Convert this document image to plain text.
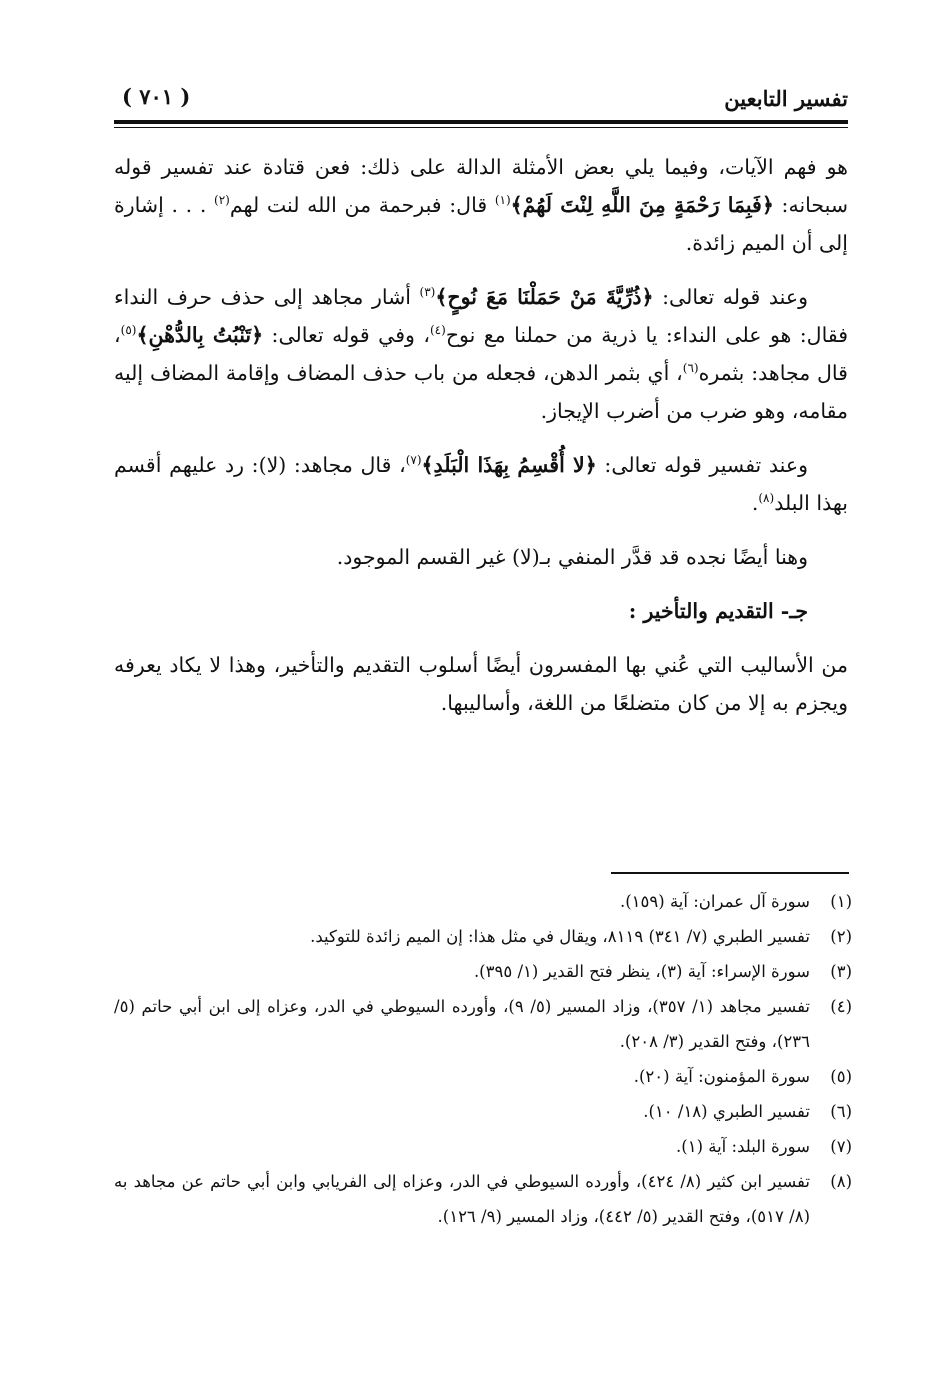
تفسير التابعين
( ٧٠١ )

هو فهم الآيات، وفيما يلي بعض الأمثلة الدالة على ذلك: فعن قتادة عند تفسير قوله سبحانه: ﴿فَبِمَا رَحْمَةٍ مِنَ اللَّهِ لِنْتَ لَهُمْ﴾$^{(١)}$ قال: فبرحمة من الله لنت لهم$^{(٢)}$ . . . إشارة إلى أن الميم زائدة.

وعند قوله تعالى: ﴿ذُرِّيَّةَ مَنْ حَمَلْنَا مَعَ نُوحٍ﴾$^{(٣)}$ أشار مجاهد إلى حذف حرف النداء فقال: هو على النداء: يا ذرية من حملنا مع نوح$^{(٤)}$، وفي قوله تعالى: ﴿تَنْبُتُ بِالدُّهْنِ﴾$^{(٥)}$، قال مجاهد: بثمره$^{(٦)}$، أي بثمر الدهن، فجعله من باب حذف المضاف وإقامة المضاف إليه مقامه، وهو ضرب من أضرب الإيجاز.

وعند تفسير قوله تعالى: ﴿لا أُقْسِمُ بِهَذَا الْبَلَدِ﴾$^{(٧)}$، قال مجاهد: (لا): رد عليهم أقسم بهذا البلد$^{(٨)}$.

وهنا أيضًا نجده قد قدَّر المنفي بـ(لا) غير القسم الموجود.

جـ- التقديم والتأخير :

من الأساليب التي عُني بها المفسرون أيضًا أسلوب التقديم والتأخير، وهذا لا يكاد يعرفه ويجزم به إلا من كان متضلعًا من اللغة، وأساليبها.

(١)
سورة آل عمران: آية (١٥٩).
(٢)
تفسير الطبري (٧/ ٣٤١) ٨١١٩، ويقال في مثل هذا: إن الميم زائدة للتوكيد.
(٣)
سورة الإسراء: آية (٣)، ينظر فتح القدير (١/ ٣٩٥).
(٤)
تفسير مجاهد (١/ ٣٥٧)، وزاد المسير (٥/ ٩)، وأورده السيوطي في الدر، وعزاه إلى ابن أبي حاتم (٥/ ٢٣٦)، وفتح القدير (٣/ ٢٠٨).
(٥)
سورة المؤمنون: آية (٢٠).
(٦)
تفسير الطبري (١٨/ ١٠).
(٧)
سورة البلد: آية (١).
(٨)
تفسير ابن كثير (٨/ ٤٢٤)، وأورده السيوطي في الدر، وعزاه إلى الفريابي وابن أبي حاتم عن مجاهد به (٨/ ٥١٧)، وفتح القدير (٥/ ٤٤٢)، وزاد المسير (٩/ ١٢٦).
